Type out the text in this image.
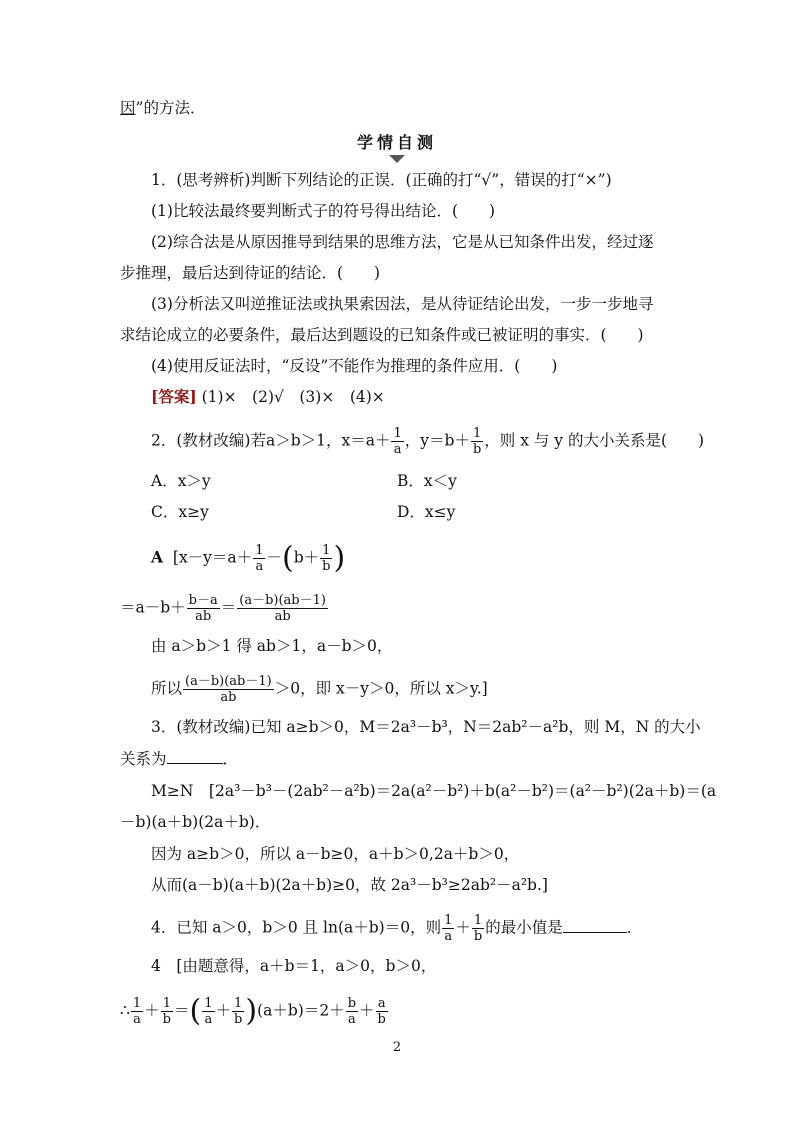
因”的方法．
学情自测
1．(思考辨析)判断下列结论的正误．(正确的打“√”，错误的打“×”)
(1)比较法最终要判断式子的符号得出结论．(　　)
(2)综合法是从原因推导到结果的思维方法，它是从已知条件出发，经过逐
步推理，最后达到待证的结论．(　　)
(3)分析法又叫逆推证法或执果索因法，是从待证结论出发，一步一步地寻
求结论成立的必要条件，最后达到题设的已知条件或已被证明的事实．(　　)
(4)使用反证法时，“反设”不能作为推理的条件应用．(　　)
[答案] (1)×　(2)√　(3)×　(4)×
2．(教材改编)若a＞b＞1，$x=a+ \frac{1}{a}$ ，$y=b+ \frac{1}{b}$ ，则 x 与 y 的大小关系是(　　)
A．x＞y	B．x＜y
C．x≥y	D．x≤y
A [$x-y=a+ \frac{1}{a} -(b+ \frac{1}{b}$ )
$=a-b+ \frac{b-a}{ab} = \frac{(a-b)(ab-1)}{ab}$
由 a＞b＞1 得 ab＞1，a－b＞0，
所以 $\frac{(a-b)(ab-1)}{ab} >0$，即 x－y＞0，所以 x＞y.]
3．(教材改编)已知 a≥b＞0，M＝2a³－b³，N＝2ab²－a²b，则 M，N 的大小
关系为	．
M≥N　[2a³－b³－(2ab²－a²b)＝2a(a²－b²)＋b(a²－b²)＝(a²－b²)(2a＋b)＝(a
－b)(a＋b)(2a＋b)．
因为 a≥b＞0，所以 a－b≥0，a＋b＞0,2a＋b＞0，
从而(a－b)(a＋b)(2a＋b)≥0，故 2a³－b³≥2ab²－a²b.]
4．已知 a＞0，b＞0 且 ln(a＋b)＝0，则 $\frac{1}{a} + \frac{1}{b}$ 的最小值是	．
4　[由题意得，a＋b＝1，a＞0，b＞0，
∴ $\frac{1}{a} + \frac{1}{b}$ ＝( $\frac{1}{a} + \frac{1}{b} )(a+b)=2+ \frac{b}{a} + \frac{a}{b}$
2
